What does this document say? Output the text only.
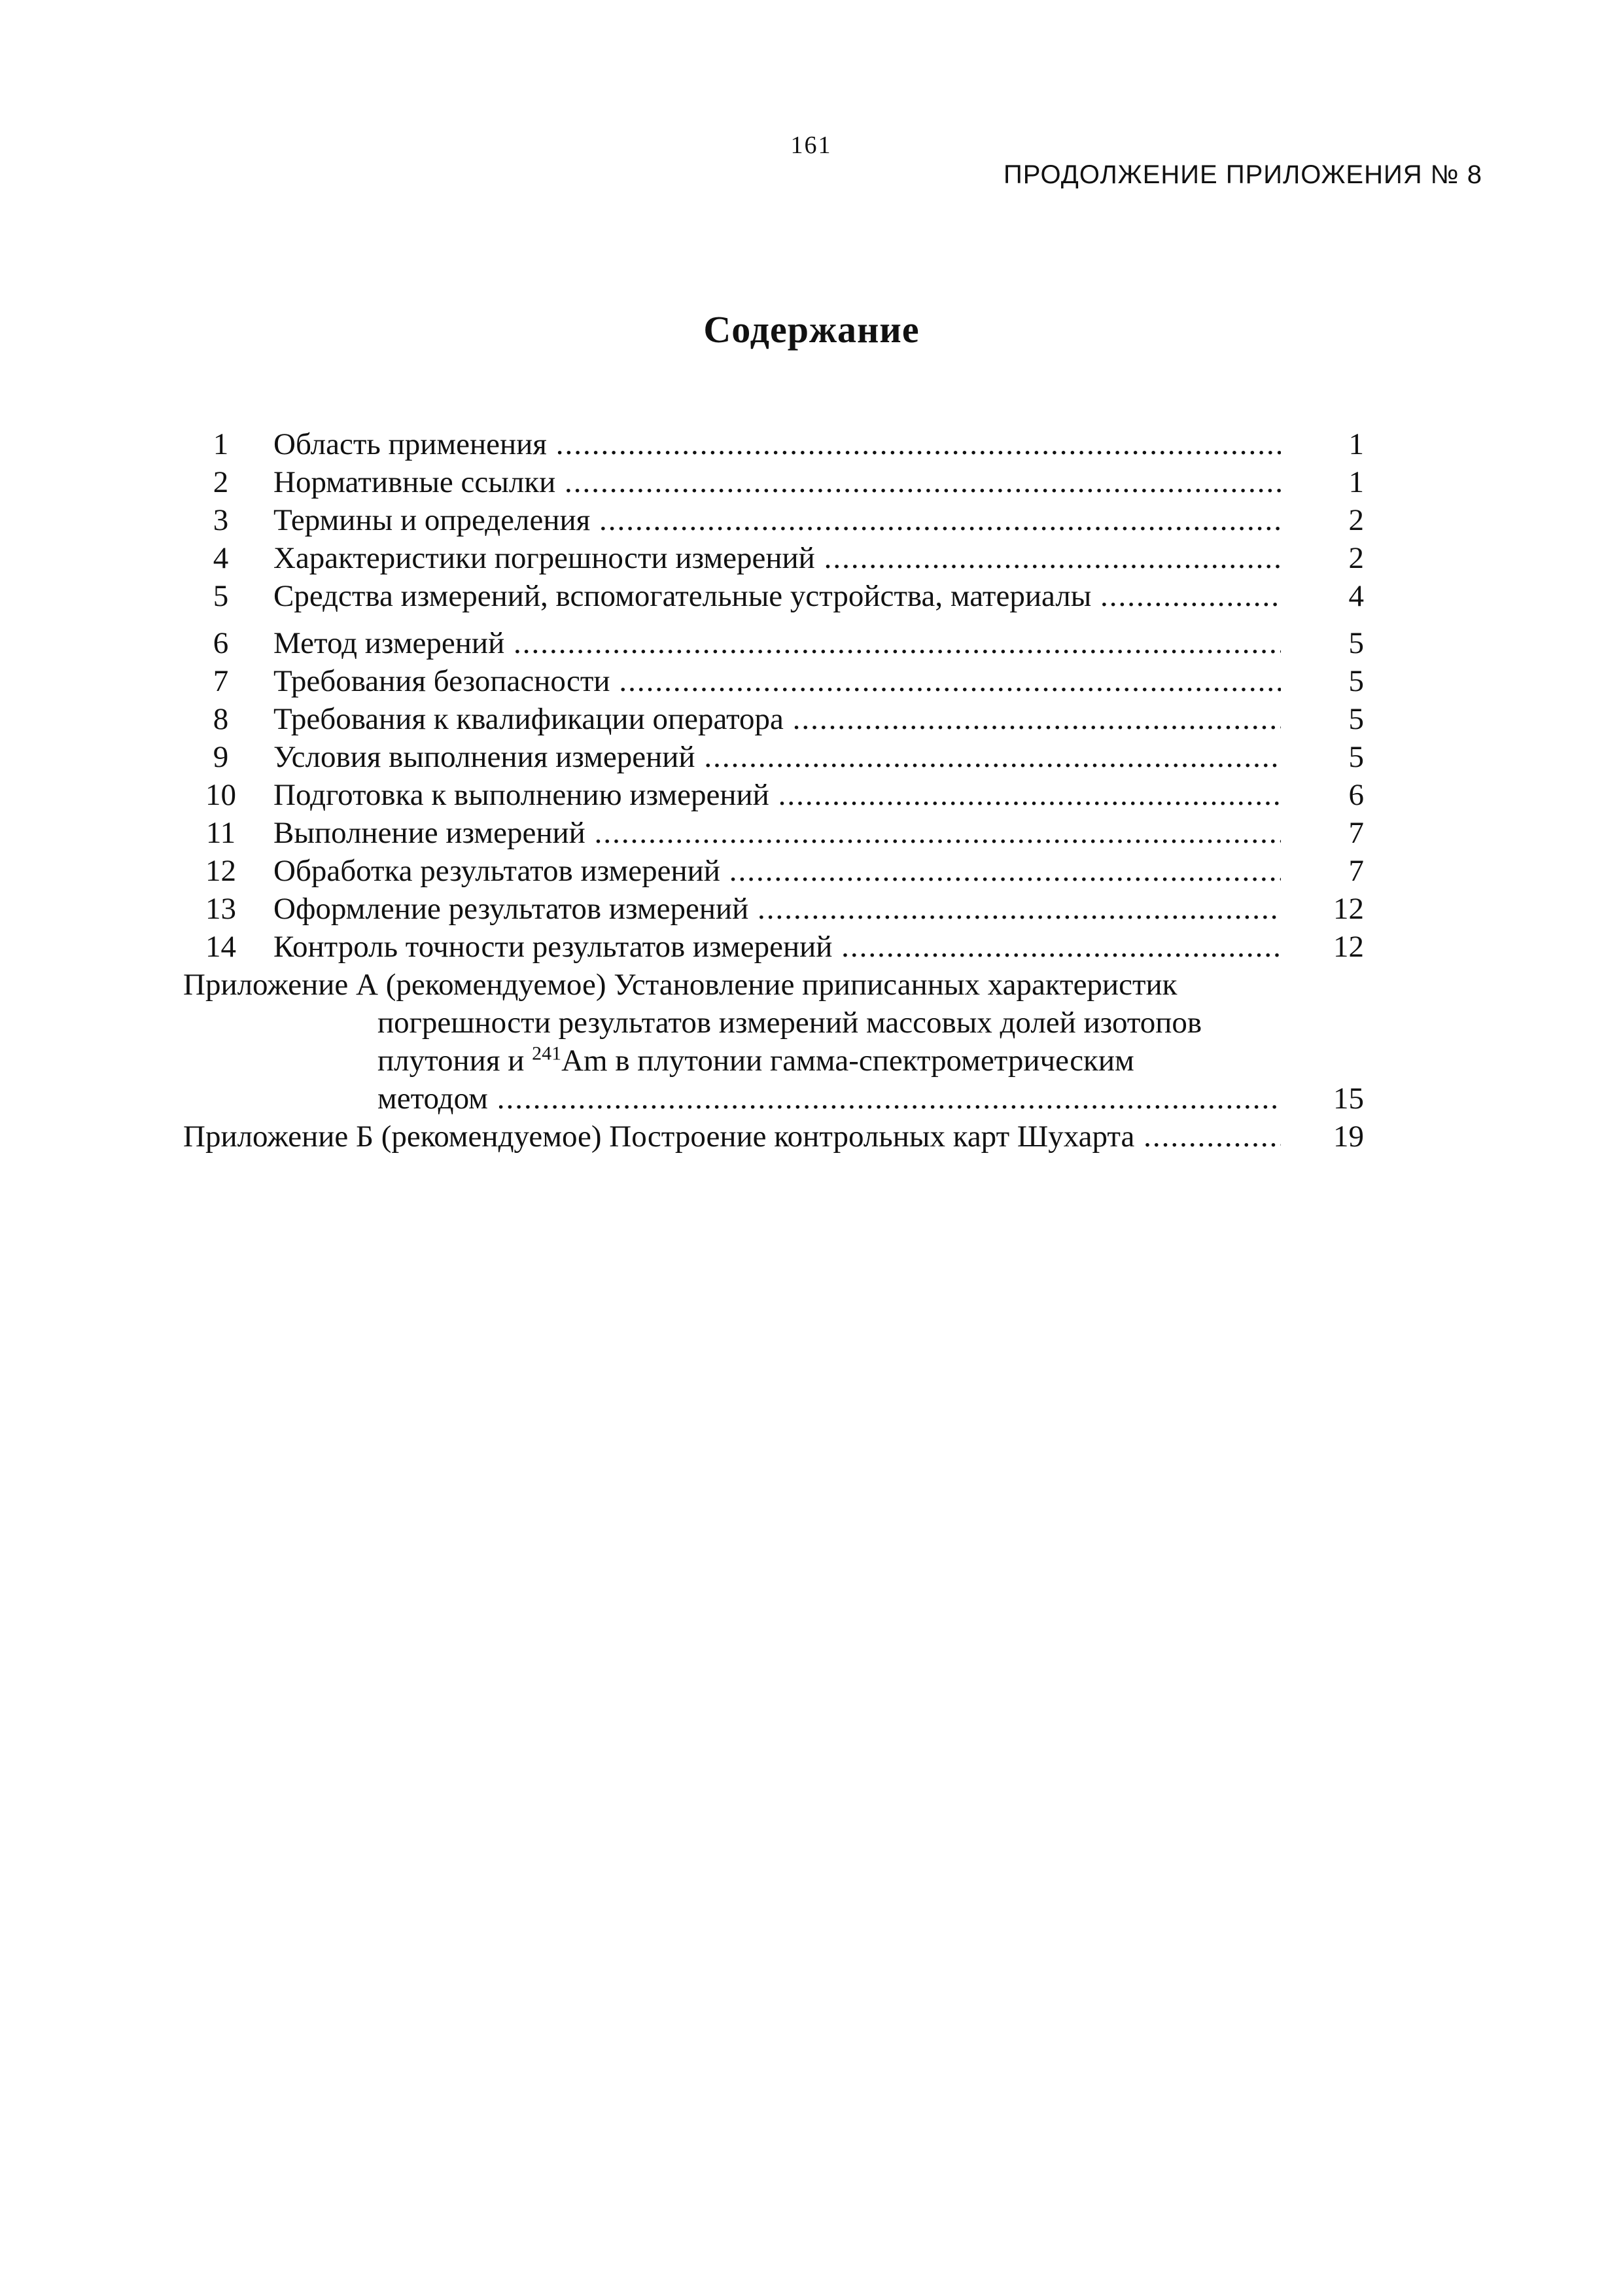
161
ПРОДОЛЖЕНИЕ ПРИЛОЖЕНИЯ № 8
Содержание
1	Область применения .....	1
2	Нормативные ссылки .....	1
3	Термины и определения .....	2
4	Характеристики погрешности измерений .....	2
5	Средства измерений, вспомогательные устройства, материалы .....	4
6	Метод измерений .....	5
7	Требования безопасности .....	5
8	Требования к квалификации оператора .....	5
9	Условия выполнения измерений .....	5
10 Подготовка к выполнению измерений .....	6
11	Выполнение измерений .....	7
12 Обработка результатов измерений .....	7
13 Оформление результатов измерений .....	12
14 Контроль точности результатов измерений .....	12
Приложение А (рекомендуемое) Установление приписанных характеристик
погрешности результатов измерений массовых долей изотопов
плутония и $^{241}$Am в плутонии гамма-спектрометрическим
методом .....	15
Приложение Б (рекомендуемое) Построение контрольных карт Шухарта .....	19
